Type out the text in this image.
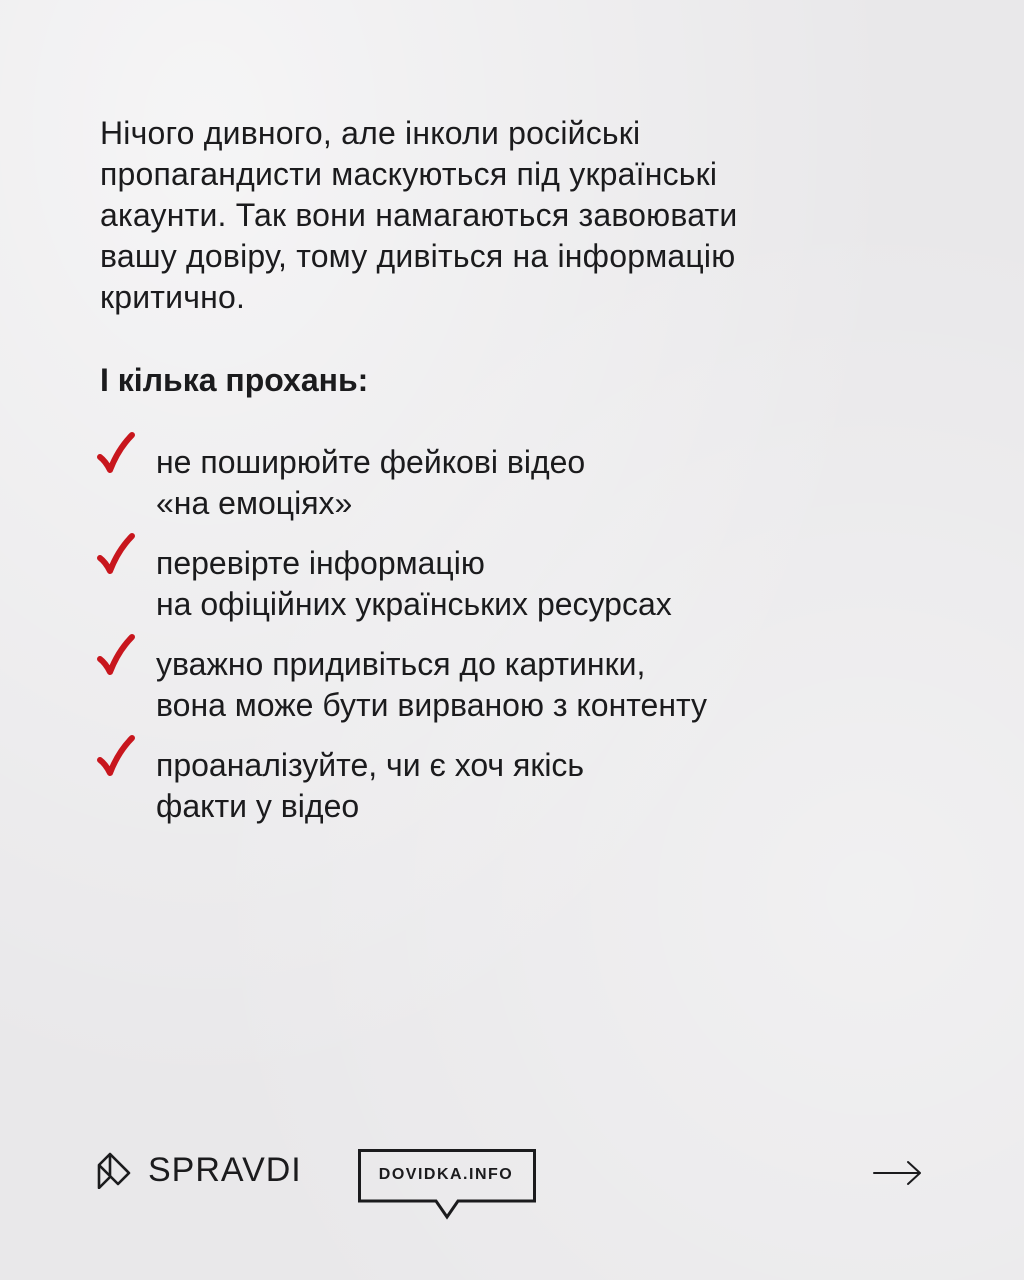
Нічого дивного, але інколи російські
пропагандисти маскуються під українські
акаунти. Так вони намагаються завоювати
вашу довіру, тому дивіться на інформацію
критично.

І кілька прохань:
не поширюйте фейкові відео
«на емоціях»
перевірте інформацію
на офіційних українських ресурсах
уважно придивіться до картинки,
вона може бути вирваною з контенту
проаналізуйте, чи є хоч якісь
факти у відео
SPRAVDI	DOVIDKA.INFO
